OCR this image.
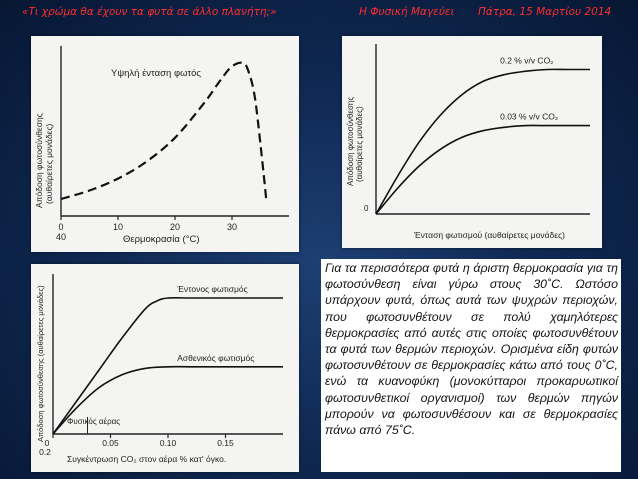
«Τι χρώμα θα έχουν τα φυτά σε άλλο πλανήτη;»	Η Φυσική Μαγεύει Πάτρα, 15 Μαρτίου 2014
Απόδοση φωτοσύνθεσης (αυθαίρετες μονάδες)
0	10	20	30
40
Υψηλή ένταση φωτός
Θερμοκρασία (°C)
Απόδοση φωτοσύνθεσης (αυθαίρετες μονάδες)
0.2 % v/v CO₂
0.03 % v/v CO₂
0
Ένταση φωτισμού (αυθαίρετες μονάδες)
Απόδοση φωτοσύνθεσης (αυθαίρετες μονάδες)
0	0.05	0.10	0.15
0.2
Έντονος φωτισμός
Ασθενικός φωτισμός
Φυσικός αέρας
Συγκέντρωση CO₂ στον αέρα % κατ' όγκο.

Για τα περισσότερα φυτά η άριστη θερμοκρασία για τη φωτοσύνθεση είναι γύρω στους 30˚C. Ωστόσο υπάρχουν φυτά, όπως αυτά των ψυχρών περιοχών, που φωτοσυνθέτουν σε πολύ χαμηλότερες θερμοκρασίες από αυτές στις οποίες φωτοσυνθέτουν τα φυτά των θερμών περιοχών. Ορισμένα είδη φυτών φωτοσυνθέτουν σε θερμοκρασίες κάτω από τους 0˚C, ενώ τα κυανοφύκη (μονοκύτταροι προκαρυωτικοί φωτοσυνθετικοί οργανισμοί) των θερμών πηγών μπορούν να φωτοσυνθέσουν και σε θερμοκρασίες πάνω από 75˚C.
